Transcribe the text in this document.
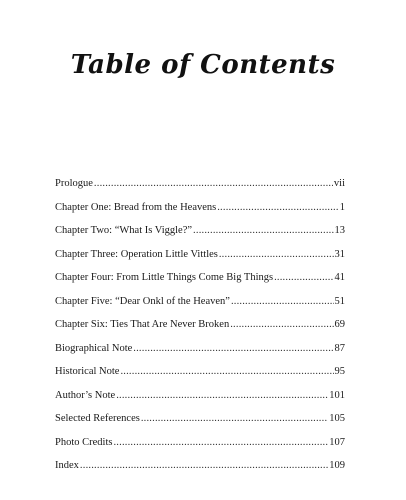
Table of Contents
Prologue .....	vii
Chapter One: Bread from the Heavens .....	1
Chapter Two: “What Is Viggle?” .....	13
Chapter Three: Operation Little Vittles .....	31
Chapter Four: From Little Things Come Big Things .....	41
Chapter Five: “Dear Onkl of the Heaven” .....	51
Chapter Six: Ties That Are Never Broken .....	69
Biographical Note .....	87
Historical Note .....	95
Author’s Note .....	101
Selected References .....	105
Photo Credits .....	107
Index .....	109
